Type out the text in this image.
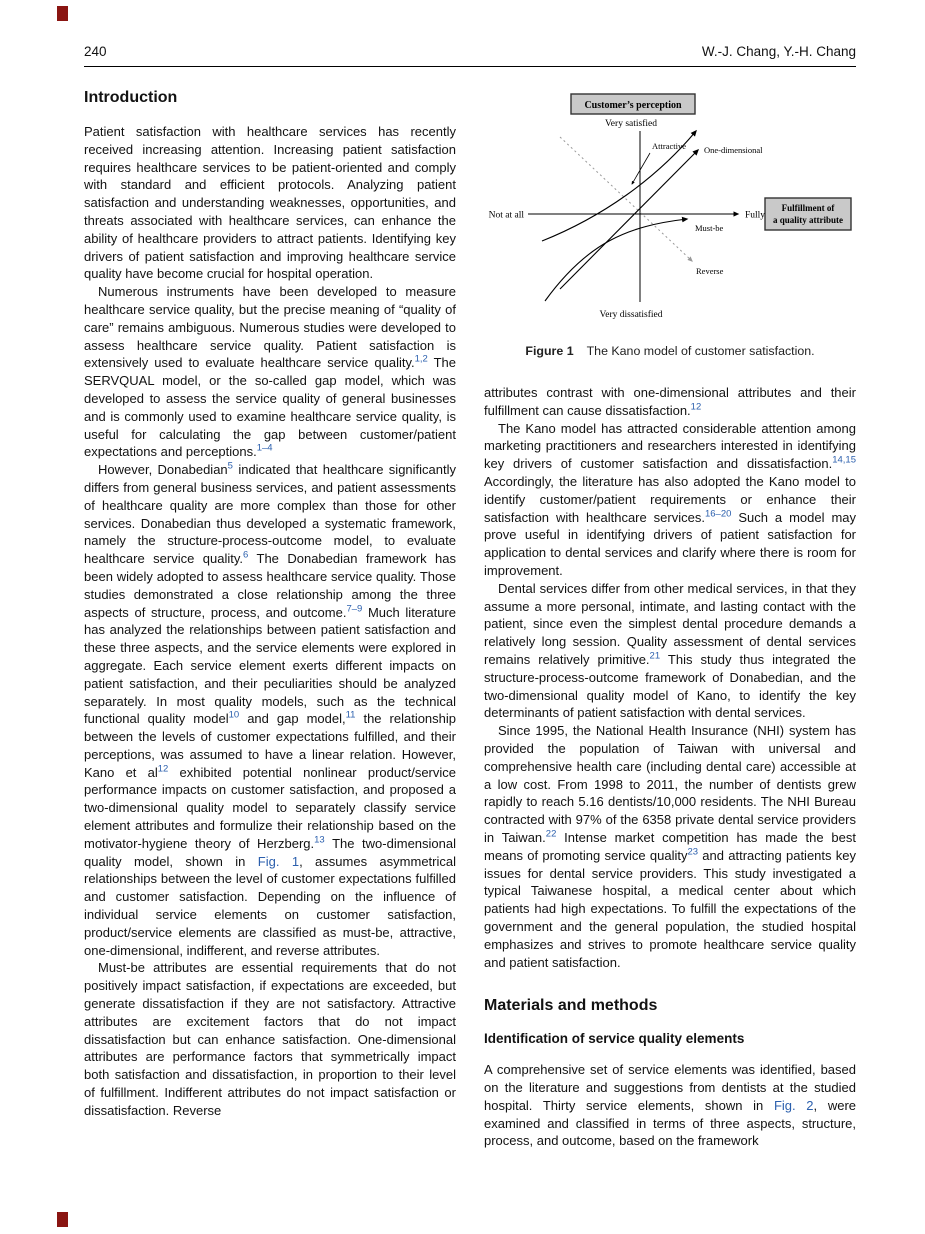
240	W.-J. Chang, Y.-H. Chang
Introduction

Patient satisfaction with healthcare services has recently received increasing attention. Increasing patient satisfaction requires healthcare services to be patient-oriented and comply with standard and efficient protocols. Analyzing patient satisfaction and understanding weaknesses, opportunities, and threats associated with healthcare services, can enhance the ability of healthcare providers to attract patients. Identifying key drivers of patient satisfaction and improving healthcare service quality have become crucial for hospital operation.

Numerous instruments have been developed to measure healthcare service quality, but the precise meaning of “quality of care” remains ambiguous. Numerous studies were developed to assess healthcare service quality. Patient satisfaction is extensively used to evaluate healthcare service quality.$^{1,2}$ The SERVQUAL model, or the so-called gap model, which was developed to assess the service quality of general businesses and is commonly used to examine healthcare service quality, is useful for calculating the gap between customer/patient expectations and perceptions.$^{1-4}$

However, Donabedian$^5$ indicated that healthcare significantly differs from general business services, and patient assessments of healthcare quality are more complex than those for other services. Donabedian thus developed a systematic framework, namely the structure-process-outcome model, to evaluate healthcare service quality.$^6$ The Donabedian framework has been widely adopted to assess healthcare service quality. Those studies demonstrated a close relationship among the three aspects of structure, process, and outcome.$^{7-9}$ Much literature has analyzed the relationships between patient satisfaction and these three aspects, and the service elements were explored in aggregate. Each service element exerts different impacts on patient satisfaction, and their peculiarities should be analyzed separately. In most quality models, such as the technical functional quality model$^{10}$ and gap model,$^{11}$ the relationship between the levels of customer expectations fulfilled, and their perceptions, was assumed to have a linear relation. However, Kano et al$^{12}$ exhibited potential nonlinear product/service performance impacts on customer satisfaction, and proposed a two-dimensional quality model to separately classify service element attributes and formulize their relationship based on the motivator-hygiene theory of Herzberg.$^{13}$ The two-dimensional quality model, shown in Fig. 1, assumes asymmetrical relationships between the level of customer expectations fulfilled and customer satisfaction. Depending on the influence of individual service elements on customer satisfaction, product/service elements are classified as must-be, attractive, one-dimensional, indifferent, and reverse attributes.

Must-be attributes are essential requirements that do not positively impact satisfaction, if expectations are exceeded, but generate dissatisfaction if they are not satisfactory. Attractive attributes are excitement factors that do not impact dissatisfaction but can enhance satisfaction. One-dimensional attributes are performance factors that symmetrically impact both satisfaction and dissatisfaction, in proportion to their level of fulfillment. Indifferent attributes do not impact satisfaction or dissatisfaction. Reverse

Customer’s perception
Fulfillment of
a quality attribute
Very satisfied
Very dissatisfied
Not at all	Fully
Attractive One-dimensional
Must-be
Reverse
Figure 1 The Kano model of customer satisfaction.

attributes contrast with one-dimensional attributes and their fulfillment can cause dissatisfaction.$^{12}$

The Kano model has attracted considerable attention among marketing practitioners and researchers interested in identifying key drivers of customer satisfaction and dissatisfaction.$^{14,15}$ Accordingly, the literature has also adopted the Kano model to identify customer/patient requirements or enhance their satisfaction with healthcare services.$^{16-20}$ Such a model may prove useful in identifying drivers of patient satisfaction for application to dental services and clarify where there is room for improvement.

Dental services differ from other medical services, in that they assume a more personal, intimate, and lasting contact with the patient, since even the simplest dental procedure demands a relatively long session. Quality assessment of dental services remains relatively primitive.$^{21}$ This study thus integrated the structure-process-outcome framework of Donabedian, and the two-dimensional quality model of Kano, to identify the key determinants of patient satisfaction with dental services.

Since 1995, the National Health Insurance (NHI) system has provided the population of Taiwan with universal and comprehensive health care (including dental care) accessible at a low cost. From 1998 to 2011, the number of dentists grew rapidly to reach 5.16 dentists/10,000 residents. The NHI Bureau contracted with 97% of the 6358 private dental service providers in Taiwan.$^{22}$ Intense market competition has made the best means of promoting service quality$^{23}$ and attracting patients key issues for dental service providers. This study investigated a typical Taiwanese hospital, a medical center about which patients had high expectations. To fulfill the expectations of the government and the general population, the studied hospital emphasizes and strives to promote healthcare service quality and patient satisfaction.

Materials and methods
Identification of service quality elements

A comprehensive set of service elements was identified, based on the literature and suggestions from dentists at the studied hospital. Thirty service elements, shown in Fig. 2, were examined and classified in terms of three aspects, structure, process, and outcome, based on the framework
